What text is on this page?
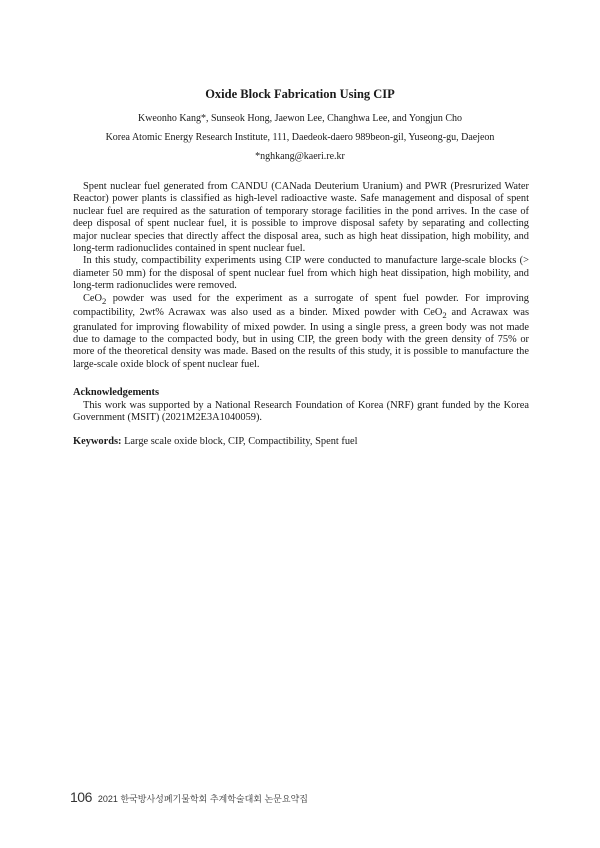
Oxide Block Fabrication Using CIP
Kweonho Kang*, Sunseok Hong, Jaewon Lee, Changhwa Lee, and Yongjun Cho
Korea Atomic Energy Research Institute, 111, Daedeok-daero 989beon-gil, Yuseong-gu, Daejeon
*nghkang@kaeri.re.kr

Spent nuclear fuel generated from CANDU (CANada Deuterium Uranium) and PWR (Presrurized Water Reactor) power plants is classified as high-level radioactive waste. Safe management and disposal of spent nuclear fuel are required as the saturation of temporary storage facilities in the pond arrives. In the case of deep disposal of spent nuclear fuel, it is possible to improve disposal safety by separating and collecting major nuclear species that directly affect the disposal area, such as high heat dissipation, high mobility, and long-term radionuclides contained in spent nuclear fuel.

In this study, compactibility experiments using CIP were conducted to manufacture large-scale blocks (> diameter 50 mm) for the disposal of spent nuclear fuel from which high heat dissipation, high mobility, and long-term radionuclides were removed.

CeO$_2$ powder was used for the experiment as a surrogate of spent fuel powder. For improving compactibility, 2wt% Acrawax was also used as a binder. Mixed powder with CeO$_2$ and Acrawax was granulated for improving flowability of mixed powder. In using a single press, a green body was not made due to damage to the compacted body, but in using CIP, the green body with the green density of 75% or more of the theoretical density was made. Based on the results of this study, it is possible to manufacture the large-scale oxide block of spent nuclear fuel.

Acknowledgements

This work was supported by a National Research Foundation of Korea (NRF) grant funded by the Korea Government (MSIT) (2021M2E3A1040059).

Keywords: Large scale oxide block, CIP, Compactibility, Spent fuel
106 2021 한국방사성폐기물학회 추계학술대회 논문요약집
